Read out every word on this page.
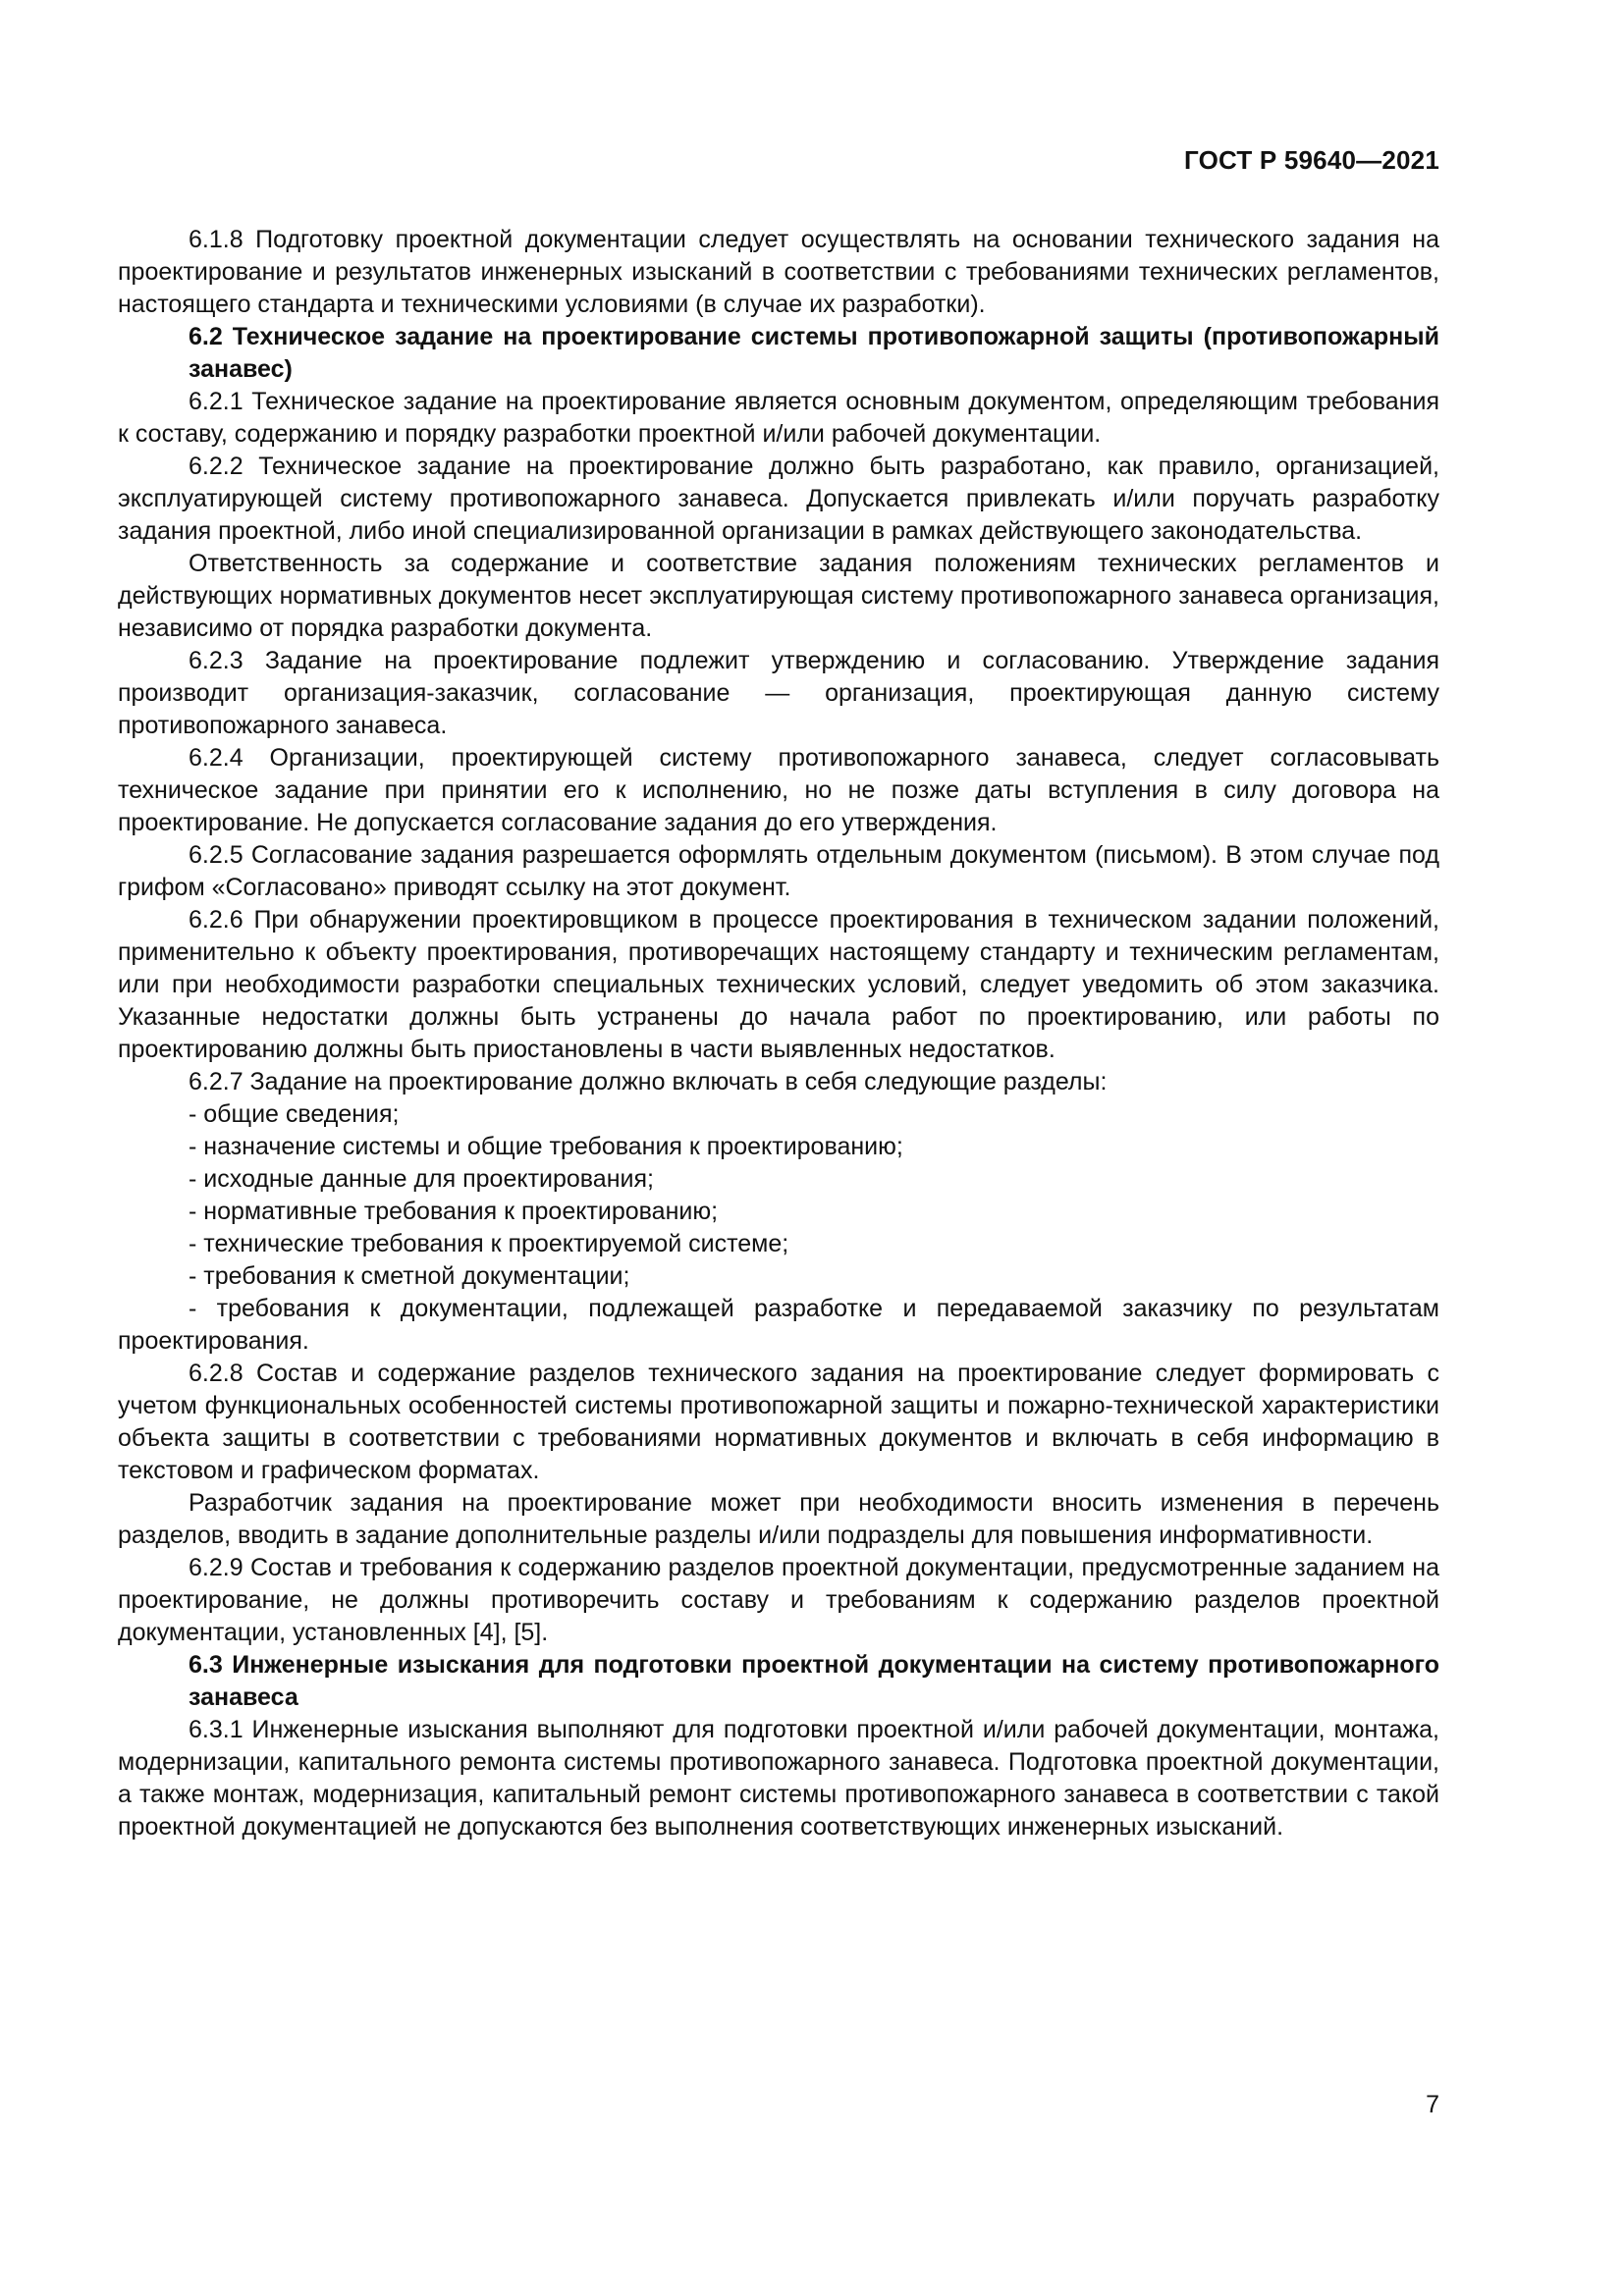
ГОСТ Р 59640—2021

6.1.8 Подготовку проектной документации следует осуществлять на основании технического задания на проектирование и результатов инженерных изысканий в соответствии с требованиями технических регламентов, настоящего стандарта и техническими условиями (в случае их разработки).

6.2 Техническое задание на проектирование системы противопожарной защиты (противопожарный занавес)

6.2.1 Техническое задание на проектирование является основным документом, определяющим требования к составу, содержанию и порядку разработки проектной и/или рабочей документации.

6.2.2 Техническое задание на проектирование должно быть разработано, как правило, организацией, эксплуатирующей систему противопожарного занавеса. Допускается привлекать и/или поручать разработку задания проектной, либо иной специализированной организации в рамках действующего законодательства.

Ответственность за содержание и соответствие задания положениям технических регламентов и действующих нормативных документов несет эксплуатирующая систему противопожарного занавеса организация, независимо от порядка разработки документа.

6.2.3 Задание на проектирование подлежит утверждению и согласованию. Утверждение задания производит организация-заказчик, согласование — организация, проектирующая данную систему противопожарного занавеса.

6.2.4 Организации, проектирующей систему противопожарного занавеса, следует согласовывать техническое задание при принятии его к исполнению, но не позже даты вступления в силу договора на проектирование. Не допускается согласование задания до его утверждения.

6.2.5 Согласование задания разрешается оформлять отдельным документом (письмом). В этом случае под грифом «Согласовано» приводят ссылку на этот документ.

6.2.6 При обнаружении проектировщиком в процессе проектирования в техническом задании положений, применительно к объекту проектирования, противоречащих настоящему стандарту и техническим регламентам, или при необходимости разработки специальных технических условий, следует уведомить об этом заказчика. Указанные недостатки должны быть устранены до начала работ по проектированию, или работы по проектированию должны быть приостановлены в части выявленных недостатков.

6.2.7 Задание на проектирование должно включать в себя следующие разделы:

- общие сведения;

- назначение системы и общие требования к проектированию;

- исходные данные для проектирования;

- нормативные требования к проектированию;

- технические требования к проектируемой системе;

- требования к сметной документации;

- требования к документации, подлежащей разработке и передаваемой заказчику по результатам проектирования.

6.2.8 Состав и содержание разделов технического задания на проектирование следует формировать с учетом функциональных особенностей системы противопожарной защиты и пожарно-технической характеристики объекта защиты в соответствии с требованиями нормативных документов и включать в себя информацию в текстовом и графическом форматах.

Разработчик задания на проектирование может при необходимости вносить изменения в перечень разделов, вводить в задание дополнительные разделы и/или подразделы для повышения информативности.

6.2.9 Состав и требования к содержанию разделов проектной документации, предусмотренные заданием на проектирование, не должны противоречить составу и требованиям к содержанию разделов проектной документации, установленных [4], [5].

6.3 Инженерные изыскания для подготовки проектной документации на систему противопожарного занавеса

6.3.1 Инженерные изыскания выполняют для подготовки проектной и/или рабочей документации, монтажа, модернизации, капитального ремонта системы противопожарного занавеса. Подготовка проектной документации, а также монтаж, модернизация, капитальный ремонт системы противопожарного занавеса в соответствии с такой проектной документацией не допускаются без выполнения соответствующих инженерных изысканий.

7
